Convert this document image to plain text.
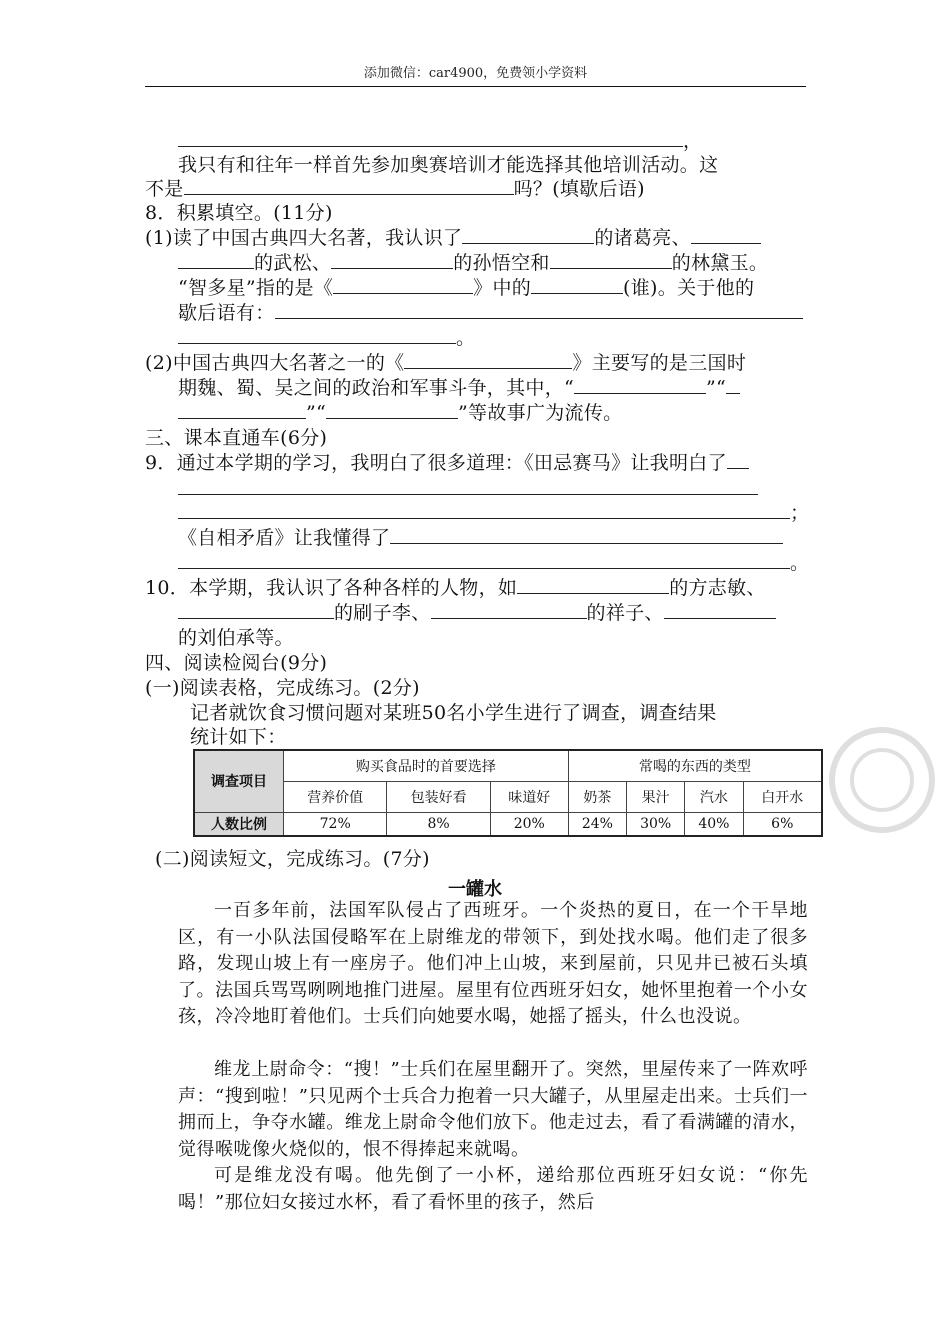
添加微信：car4900，免费领小学资料
，
我只有和往年一样首先参加奥赛培训才能选择其他培训活动。这
不是	吗？(填歇后语)
8．积累填空。(11分)
(1)读了中国古典四大名著，我认识了	的诸葛亮、
的武松、	的孙悟空和	的林黛玉。
“智多星”指的是《	》中的	(谁)。关于他的
歇后语有：
。
(2)中国古典四大名著之一的《	》主要写的是三国时
期魏、蜀、吴之间的政治和军事斗争，其中，“	”“
”“	”等故事广为流传。
三、课本直通车(6分)
9．通过本学期的学习，我明白了很多道理：《田忌赛马》让我明白了
；
《自相矛盾》让我懂得了
。
10．本学期，我认识了各种各样的人物，如	的方志敏、
的刷子李、	的祥子、
的刘伯承等。
四、阅读检阅台(9分)
(一)阅读表格，完成练习。(2分)
记者就饮食习惯问题对某班50名小学生进行了调查，调查结果
统计如下：
调查项目	购买食品时的首要选择			常喝的东西的类型			
	营养价值	包装好看	味道好	奶茶	果汁	汽水	白开水
人数比例	72%	8%	20%	24%	30%	40%	6%
(二)阅读短文，完成练习。(7分)
一罐水
一百多年前，法国军队侵占了西班牙。一个炎热的夏日，在一个干旱地区，有一小队法国侵略军在上尉维龙的带领下，到处找水喝。他们走了很多路，发现山坡上有一座房子。他们冲上山坡，来到屋前，只见井已被石头填了。法国兵骂骂咧咧地推门进屋。屋里有位西班牙妇女，她怀里抱着一个小女孩，冷冷地盯着他们。士兵们向她要水喝，她摇了摇头，什么也没说。
维龙上尉命令：“搜！”士兵们在屋里翻开了。突然，里屋传来了一阵欢呼声：“搜到啦！”只见两个士兵合力抱着一只大罐子，从里屋走出来。士兵们一拥而上，争夺水罐。维龙上尉命令他们放下。他走过去，看了看满罐的清水，觉得喉咙像火烧似的，恨不得捧起来就喝。
可是维龙没有喝。他先倒了一小杯，递给那位西班牙妇女说：“你先喝！”那位妇女接过水杯，看了看怀里的孩子，然后
